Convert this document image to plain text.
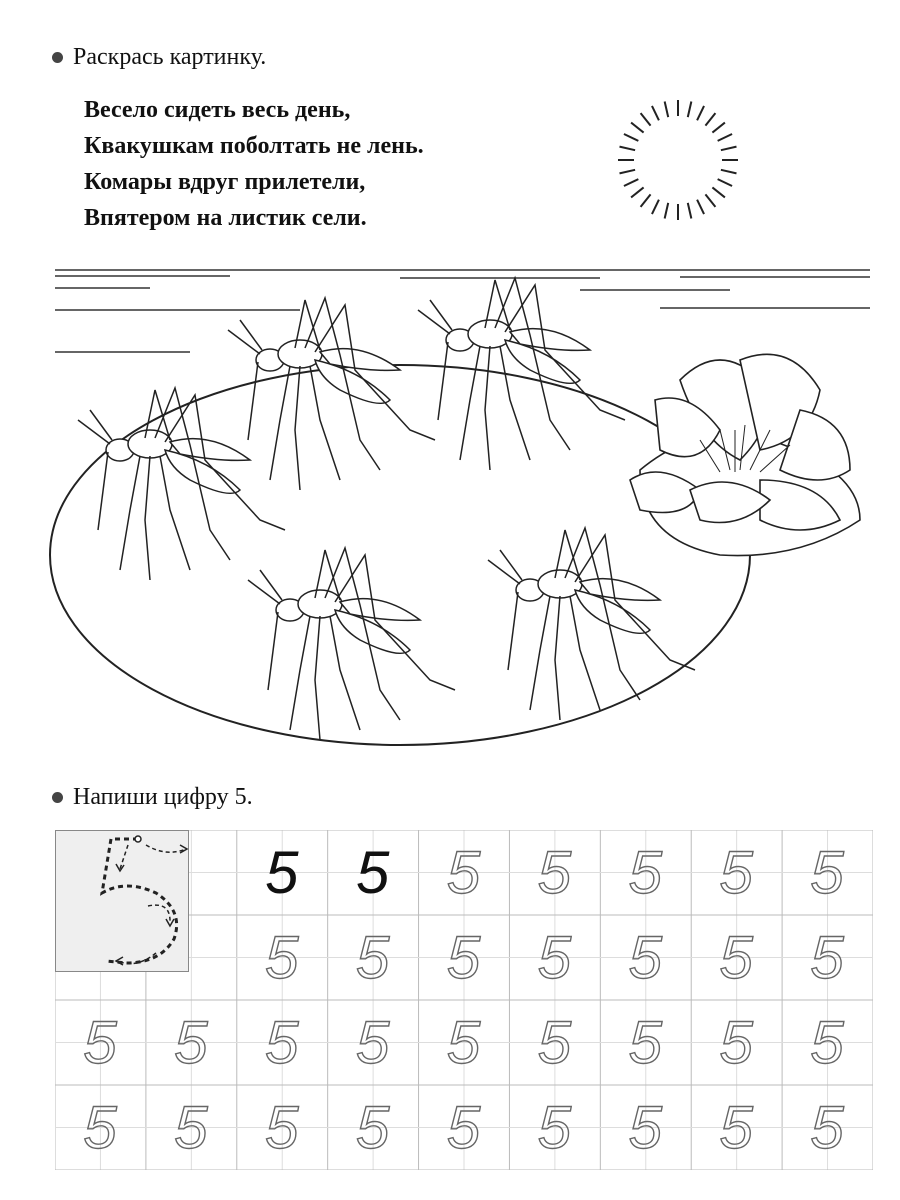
Раскрась картинку.
Весело сидеть весь день,
Квакушкам поболтать не лень.
Комары вдруг прилетели,
Впятером на листик сели.
Напиши цифру 5.
5 5 5 5 5 5 5
5 5 5 5 5 5 5
5 5 5 5 5 5 5 5 5
5 5 5 5 5 5 5 5 5
